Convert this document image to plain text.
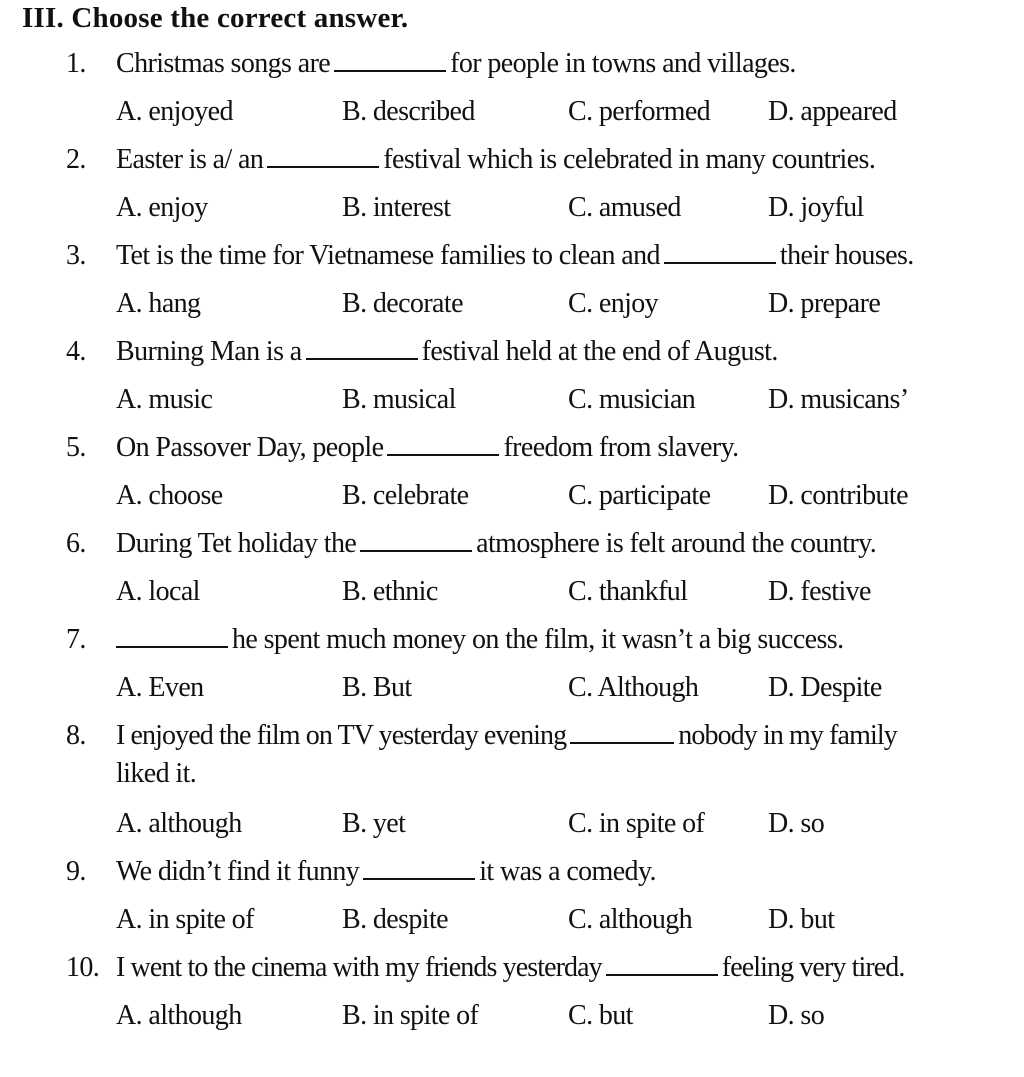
III. Choose the correct answer.
1. Christmas songs are	for people in towns and villages.
A. enjoyed	B. described	C. performed D. appeared
2. Easter is a/ an	festival which is celebrated in many countries.
A. enjoy	B. interest	C. amused	D. joyful
3. Tet is the time for Vietnamese families to clean and	their houses.
A. hang	B. decorate	C. enjoy	D. prepare
4. Burning Man is a	festival held at the end of August.
A. music	B. musical	C. musician	D. musicans’
5. On Passover Day, people	freedom from slavery.
A. choose	B. celebrate	C. participate D. contribute
6. During Tet holiday the	atmosphere is felt around the country.
A. local	B. ethnic	C. thankful	D. festive
7.	he spent much money on the film, it wasn’t a big success.
A. Even	B. But	C. Although D. Despite
8. I enjoyed the film on TV yesterday evening	nobody in my family
liked it.
A. although	B. yet	C. in spite of D. so
9. We didn’t find it funny	it was a comedy.
A. in spite of	B. despite	C. although	D. but
10. I went to the cinema with my friends yesterday	feeling very tired.
A. although	B. in spite of	C. but	D. so
